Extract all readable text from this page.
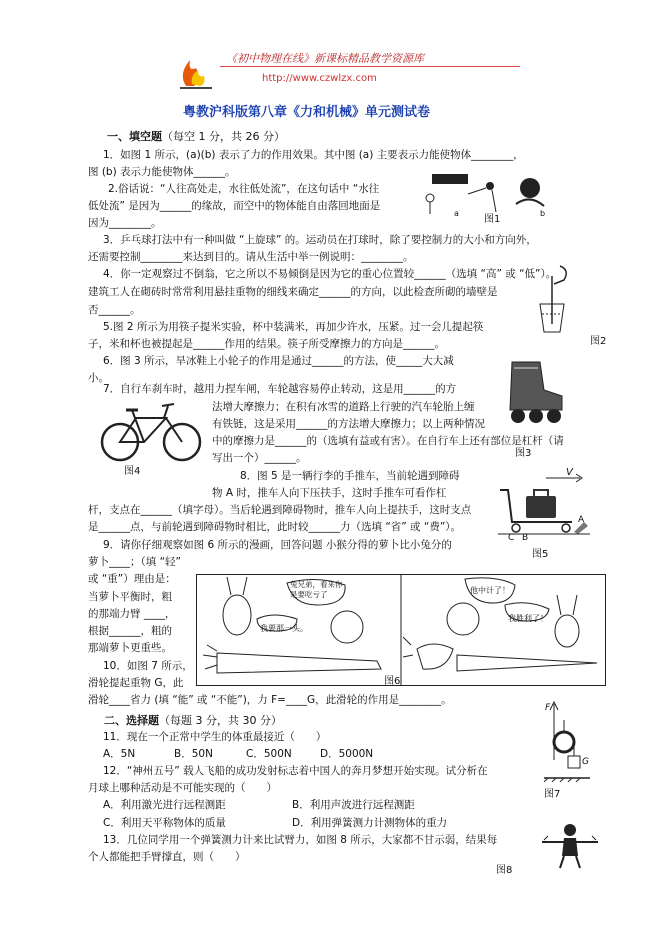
《初中物理在线》新课标精品教学资源库
http://www.czwlzx.com
粤教沪科版第八章《力和机械》单元测试卷
一、填空题（每空 1 分，共 26 分）
1．如图 1 所示，(a)(b) 表示了力的作用效果。其中图 (a) 主要表示力能使物体________，
图 (b) 表示力能使物体______。
2.俗话说：“人往高处走，水往低处流”，在这句话中 “水往
低处流” 是因为______的缘故，而空中的物体能自由落回地面是
因为________。
a	b
图1
3．乒乓球打法中有一种叫做 “上旋球” 的。运动员在打球时，除了要控制力的大小和方向外，
还需要控制________来达到目的。请从生活中举一例说明：________。
4．你一定观察过不倒翁，它之所以不易倾倒是因为它的重心位置较______（选填 “高” 或 “低”）。
建筑工人在砌砖时常常利用悬挂重物的细线来确定______的方向，以此检查所砌的墙壁是
否______。
图2
5.图 2 所示为用筷子提米实验，杯中装满米，再加少许水，压紧。过一会儿提起筷
子，米和杯也被提起是______作用的结果。筷子所受摩擦力的方向是______。
6．图 3 所示，旱冰鞋上小轮子的作用是通过______的方法，使_____大大减
小。
图3
7．自行车刹车时，越用力捏车闸，车轮越容易停止转动，这是用______的方
法增大摩擦力；在积有冰雪的道路上行驶的汽车轮胎上缠
有铁链，这是采用______的方法增大摩擦力；以上两种情况
中的摩擦力是______的（选填有益或有害）。在自行车上还有部位是杠杆（请
写出一个）______。
图4	8．图 5 是一辆行李的手推车，当前轮遇到障碍
物 A 时，推车人向下压扶手，这时手推车可看作杠
杆，支点在______（填字母）。当后轮遇到障碍物时，推车人向上提扶手，这时支点
是______点，与前轮遇到障碍物时相比，此时较______力（选填 “省” 或 “费”）。
V
A
C B
图5
9．请你仔细观察如图 6 所示的漫画，回答问题 小猴分得的萝卜比小兔分的
萝卜____；（填 “轻”
或 “重”）理由是：
当萝卜平衡时，粗
的那端力臂 ____，
根据______，粗的
那端萝卜更重些。
兔兄弟，看来你是要吃亏了
我要那一头。
他中计了！
我胜利了！
图6
10．如图 7 所示，
滑轮提起重物 G，此
滑轮____省力 (填 “能” 或 “不能”)，力 F=____G，此滑轮的作用是________。
F
G
图7
二、选择题（每题 3 分，共 30 分）
11．现在一个正常中学生的体重最接近（　　）
A．5N	B．50N	C．500N	D．5000N
12．“神州五号” 载人飞船的成功发射标志着中国人的奔月梦想开始实现。试分析在
月球上哪种活动是不可能实现的（　　）
A．利用激光进行远程测距	B．利用声波进行远程测距
C．利用天平称物体的质量	D．利用弹簧测力计测物体的重力
13．几位同学用一个弹簧测力计来比试臂力，如图 8 所示，大家都不甘示弱，结果每
个人都能把手臂撑直，则（　　）
图8
